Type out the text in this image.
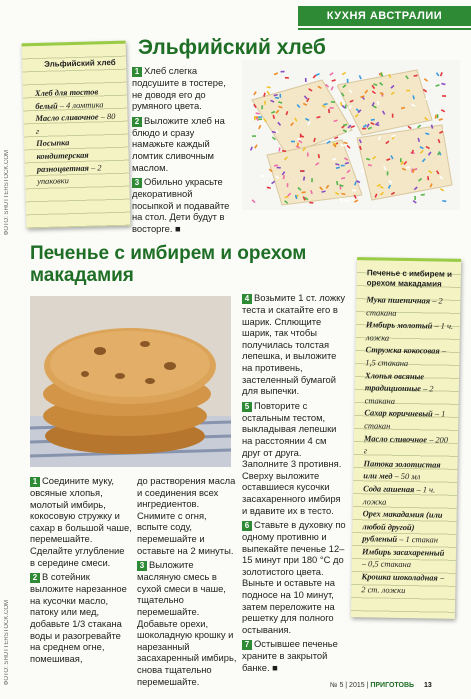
КУХНЯ АВСТРАЛИИ
ФОТО: SHUTTERSTOCK.COM
ФОТО: SHUTTERSTOCK.COM
Эльфийский хлеб
Хлеб для тостов белый – 4 ломтика
Масло сливочное – 80 г
Посыпка кондитерская разноцветная – 2 упаковки
Эльфийский хлеб

1 Хлеб слегка подсушите в тостере, не доводя его до румяного цвета.

2 Выложите хлеб на блюдо и сразу намажьте каждый ломтик сливочным маслом.

3 Обильно украсьте декоративной посыпкой и подавайте на стол. Дети будут в восторге. ■

Печенье с имбирем и орехом макадамия

1 Соедините муку, овсяные хлопья, молотый имбирь, кокосовую стружку и сахар в большой чаше, перемешайте. Сделайте углубление в середине смеси.

2 В сотейник выложите нарезанное на кусочки масло, патоку или мед, добавьте 1/3 стакана воды и разогревайте на среднем огне, помешивая,

до растворения масла и соединения всех ингредиентов. Снимите с огня, вспыте соду, перемешайте и оставьте на 2 минуты.

3 Выложите масляную смесь в сухой смеси в чаше, тщательно перемешайте. Добавьте орехи, шоколадную крошку и нарезанный засахаренный имбирь, снова тщательно перемешайте.

4 Возьмите 1 ст. ложку теста и скатайте его в шарик. Сплющите шарик, так чтобы получилась толстая лепешка, и выложите на противень, застеленный бумагой для выпечки.

5 Повторите с остальным тестом, выкладывая лепешки на расстоянии 4 см друг от друга. Заполните 3 противня. Сверху выложите оставшиеся кусочки засахаренного имбиря и вдавите их в тесто.

6 Ставьте в духовку по одному противню и выпекайте печенье 12–15 минут при 180 °С до золотистого цвета. Выньте и оставьте на подносе на 10 минут, затем переложите на решетку для полного остывания.

7 Остывшее печенье храните в закрытой банке. ■

Печенье с имбирем и орехом макадамия
Мука пшеничная – 2 стакана
Имбирь молотый – 1 ч. ложка
Стружка кокосовая – 1,5 стакана
Хлопья овсяные традиционные – 2 стакана
Сахар коричневый – 1 стакан
Масло сливочное – 200 г
Патока золотистая или мед – 50 мл
Сода гашеная – 1 ч. ложка
Орех макадамия (или любой другой) рубленый – 1 стакан
Имбирь засахаренный – 0,5 стакана
Крошка шоколадная – 2 ст. ложки
№ 5 | 2015 | ПРИГОТОВЬ 13
